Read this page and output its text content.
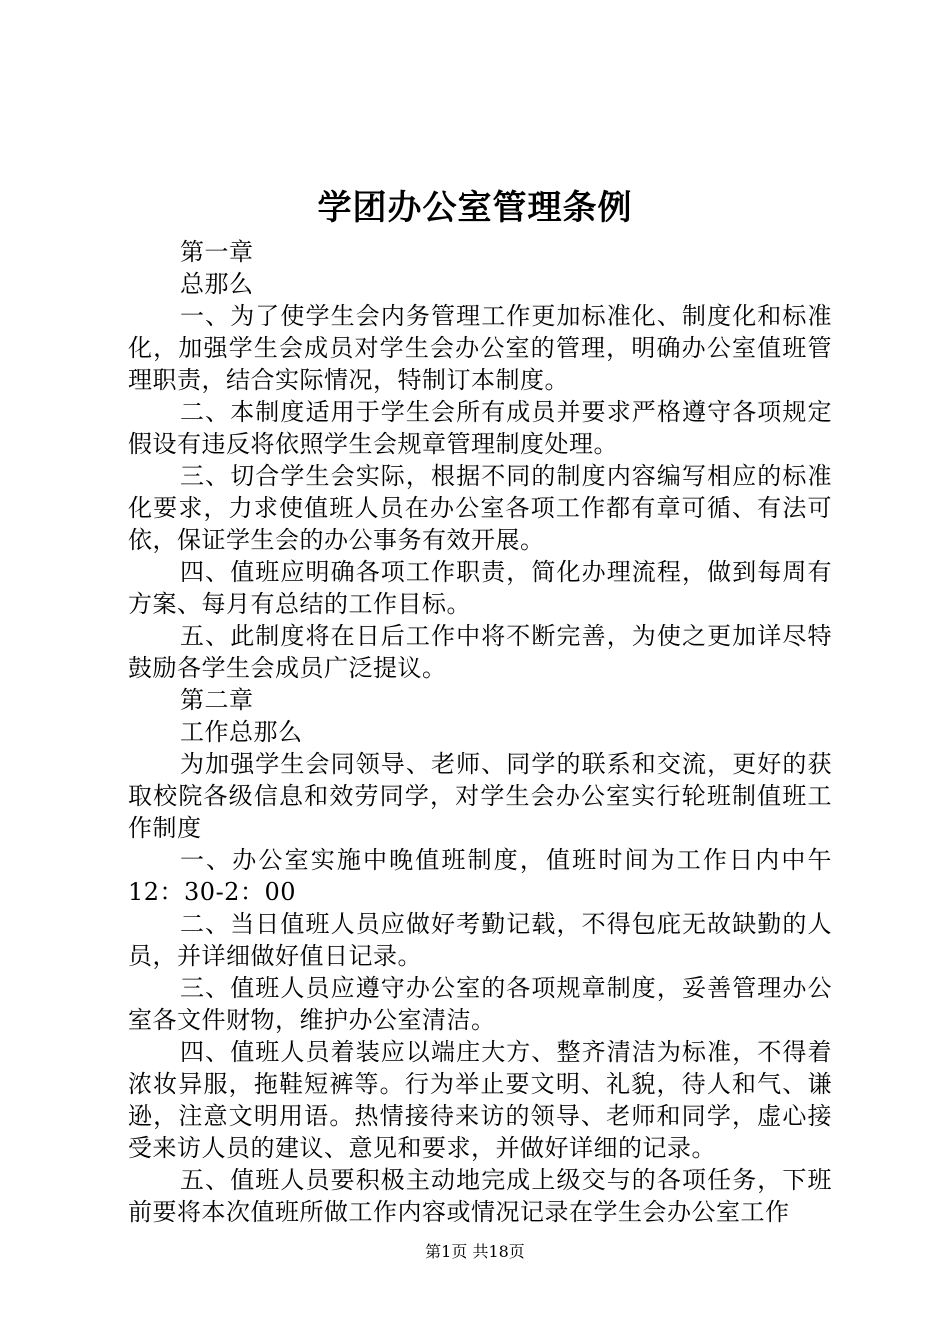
学团办公室管理条例

第一章

总那么

一、为了使学生会内务管理工作更加标准化、制度化和标准化，加强学生会成员对学生会办公室的管理，明确办公室值班管理职责，结合实际情况，特制订本制度。

二、本制度适用于学生会所有成员并要求严格遵守各项规定假设有违反将依照学生会规章管理制度处理。

三、切合学生会实际，根据不同的制度内容编写相应的标准化要求，力求使值班人员在办公室各项工作都有章可循、有法可依，保证学生会的办公事务有效开展。

四、值班应明确各项工作职责，简化办理流程，做到每周有方案、每月有总结的工作目标。

五、此制度将在日后工作中将不断完善，为使之更加详尽特鼓励各学生会成员广泛提议。

第二章

工作总那么

为加强学生会同领导、老师、同学的联系和交流，更好的获取校院各级信息和效劳同学，对学生会办公室实行轮班制值班工作制度

一、办公室实施中晚值班制度，值班时间为工作日内中午12：30-2：00

二、当日值班人员应做好考勤记载，不得包庇无故缺勤的人员，并详细做好值日记录。

三、值班人员应遵守办公室的各项规章制度，妥善管理办公室各文件财物，维护办公室清洁。

四、值班人员着装应以端庄大方、整齐清洁为标准，不得着浓妆异服，拖鞋短裤等。行为举止要文明、礼貌，待人和气、谦逊，注意文明用语。热情接待来访的领导、老师和同学，虚心接受来访人员的建议、意见和要求，并做好详细的记录。

五、值班人员要积极主动地完成上级交与的各项任务，下班前要将本次值班所做工作内容或情况记录在学生会办公室工作

第1页 共18页
